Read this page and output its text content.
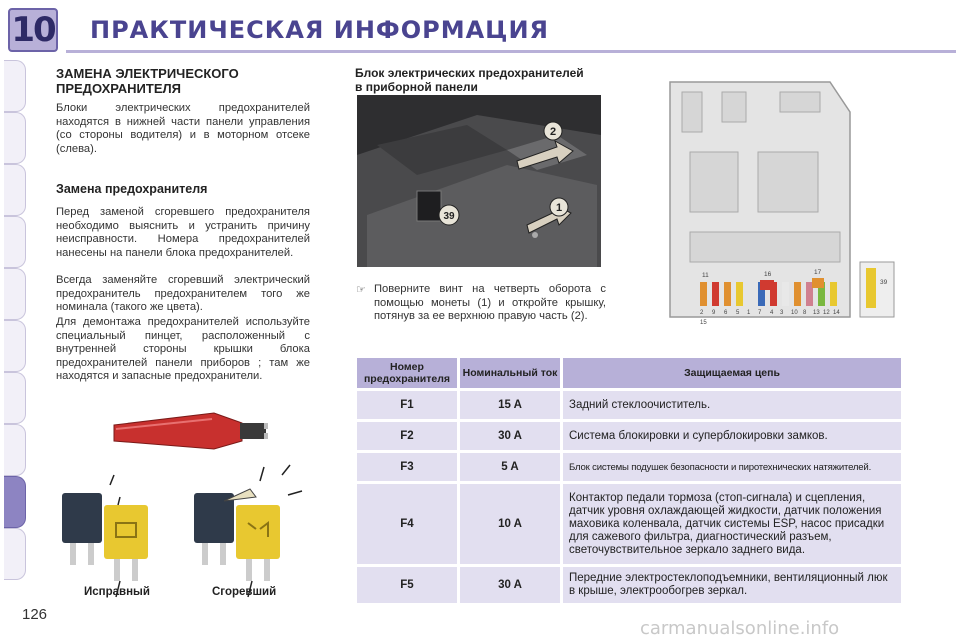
10 ПРАКТИЧЕСКАЯ ИНФОРМАЦИЯ
126
ЗАМЕНА ЭЛЕКТРИЧЕСКОГО
ПРЕДОХРАНИТЕЛЯ
Блоки электрических предохранителей находятся в нижней части панели управления (со стороны водителя) и в моторном отсеке (слева).
Замена предохранителя
Перед заменой сгоревшего предохранителя необходимо выяснить и устранить причину неисправности. Номера предохранителей нанесены на панели блока предохранителей.
Всегда заменяйте сгоревший электрический предохранитель предохранителем того же номинала (такого же цвета).
Для демонтажа предохранителей используйте специальный пинцет, расположенный с внутренней стороны крышки блока предохранителей панели приборов ; там же находятся и запасные предохранители.
Исправный	Сгоревший
Блок электрических предохранителей
в приборной панели
2
1
39
☞ Поверните винт на четверть оборота с помощью монеты (1) и откройте крышку, потянув за ее верхнюю правую часть (2).
11	16	17
2 9 6 5 1 7 4 3 10 8 13 12 14
15
39
Номер предохранителя	Номинальный ток	Защищаемая цепь
F1	15 A	Задний стеклоочиститель.
F2	30 A	Система блокировки и суперблокировки замков.
F3	5 A	Блок системы подушек безопасности и пиротехнических натяжителей.
F4	10 A	Контактор педали тормоза (стоп-сигнала) и сцепления, датчик уровня охлаждающей жидкости, датчик положения маховика коленвала, датчик системы ESP, насос присадки для сажевого фильтра, диагностический разъем, светочувствительное зеркало заднего вида.
F5	30 A	Передние электростеклоподъемники, вентиляционный люк в крыше, электрообогрев зеркал.
carmanualsonline.info
